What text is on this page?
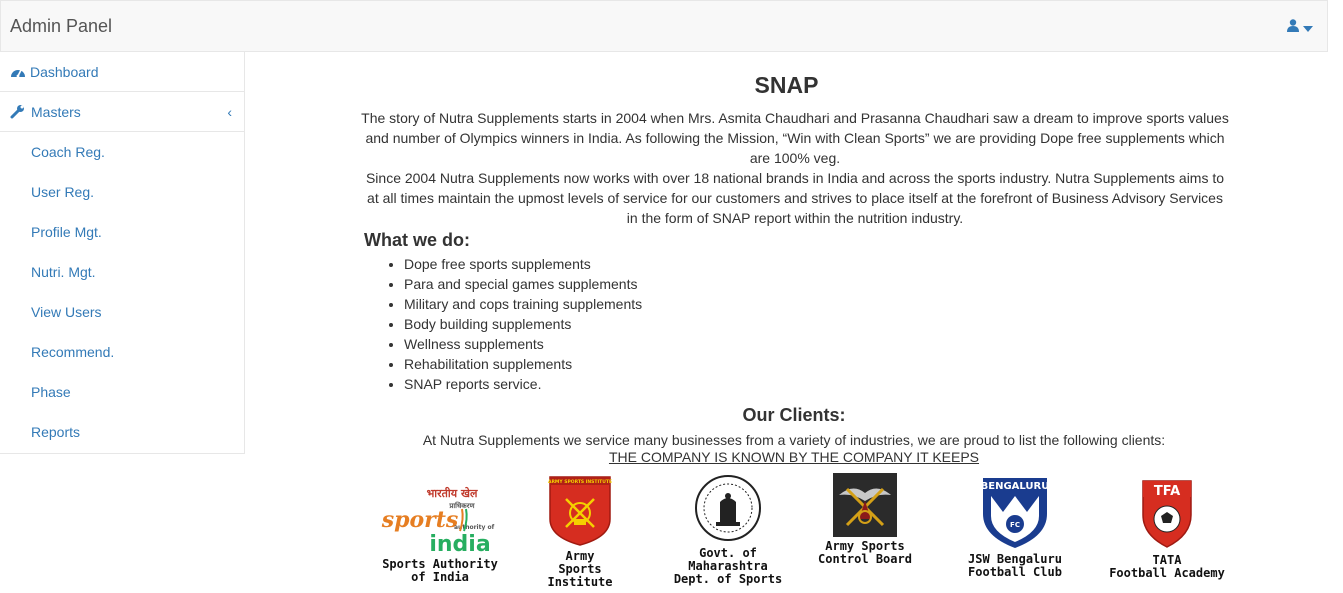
Admin Panel
Dashboard
Masters	‹
Coach Reg.
User Reg.
Profile Mgt.
Nutri. Mgt.
View Users
Recommend.
Phase
Reports
SNAP

The story of Nutra Supplements starts in 2004 when Mrs. Asmita Chaudhari and Prasanna Chaudhari saw a dream to improve sports values and number of Olympics winners in India. As following the Mission, “Win with Clean Sports” we are providing Dope free supplements which are 100% veg.

Since 2004 Nutra Supplements now works with over 18 national brands in India and across the sports industry. Nutra Supplements aims to at all times maintain the upmost levels of service for our customers and strives to place itself at the forefront of Business Advisory Services in the form of SNAP report within the nutrition industry.

What we do:
• Dope free sports supplements
• Para and special games supplements
• Military and cops training supplements
• Body building supplements
• Wellness supplements
• Rehabilitation supplements
• SNAP reports service.
Our Clients:

At Nutra Supplements we service many businesses from a variety of industries, we are proud to list the following clients:

THE COMPANY IS KNOWN BY THE COMPANY IT KEEPS

भारतीय खेल
प्राधिकरण
sports
authority of
india
Sports Authority
of India
ARMY SPORTS INSTITUTE
Army
Sports Institute
Govt. of Maharashtra
Dept. of Sports
Army Sports
Control Board
BENGALURU
FC
JSW Bengaluru
Football Club
TFA
TATA
Football Academy
